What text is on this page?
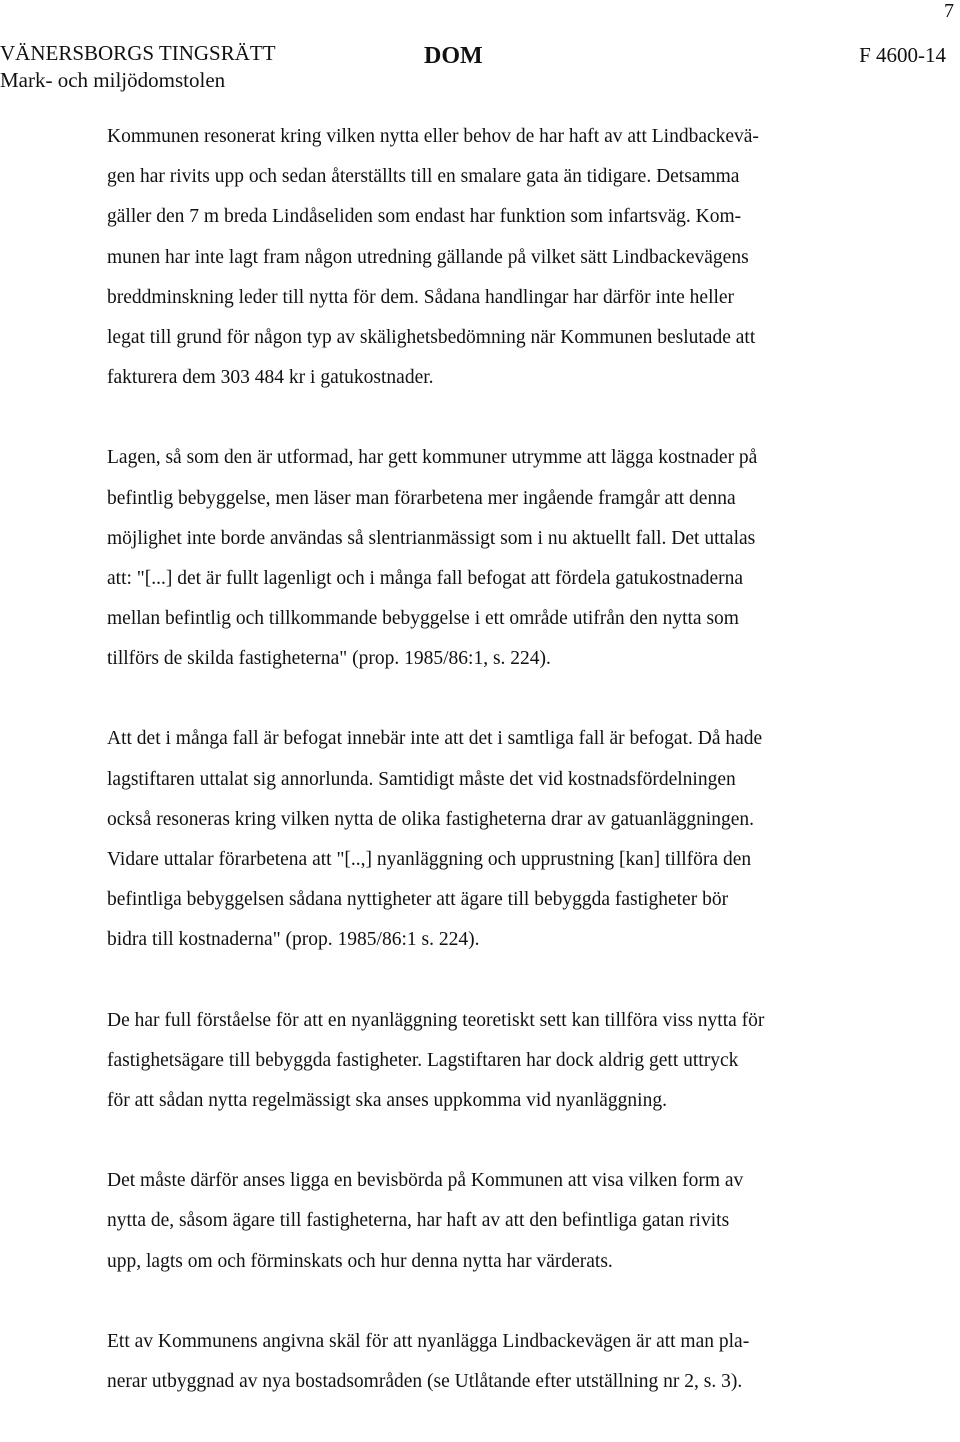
7
VÄNERSBORGS TINGSRÄTT
Mark- och miljödomstolen
DOM	F 4600-14
Kommunen resonerat kring vilken nytta eller behov de har haft av att Lindbackevä-
gen har rivits upp och sedan återställts till en smalare gata än tidigare. Detsamma
gäller den 7 m breda Lindåseliden som endast har funktion som infartsväg. Kom-
munen har inte lagt fram någon utredning gällande på vilket sätt Lindbackevägens
breddminskning leder till nytta för dem. Sådana handlingar har därför inte heller
legat till grund för någon typ av skälighetsbedömning när Kommunen beslutade att
fakturera dem 303 484 kr i gatukostnader.
Lagen, så som den är utformad, har gett kommuner utrymme att lägga kostnader på
befintlig bebyggelse, men läser man förarbetena mer ingående framgår att denna
möjlighet inte borde användas så slentrianmässigt som i nu aktuellt fall. Det uttalas
att: "[...] det är fullt lagenligt och i många fall befogat att fördela gatukostnaderna
mellan befintlig och tillkommande bebyggelse i ett område utifrån den nytta som
tillförs de skilda fastigheterna" (prop. 1985/86:1, s. 224).
Att det i många fall är befogat innebär inte att det i samtliga fall är befogat. Då hade
lagstiftaren uttalat sig annorlunda. Samtidigt måste det vid kostnadsfördelningen
också resoneras kring vilken nytta de olika fastigheterna drar av gatuanläggningen.
Vidare uttalar förarbetena att "[..,] nyanläggning och upprustning [kan] tillföra den
befintliga bebyggelsen sådana nyttigheter att ägare till bebyggda fastigheter bör
bidra till kostnaderna" (prop. 1985/86:1 s. 224).
De har full förståelse för att en nyanläggning teoretiskt sett kan tillföra viss nytta för
fastighetsägare till bebyggda fastigheter. Lagstiftaren har dock aldrig gett uttryck
för att sådan nytta regelmässigt ska anses uppkomma vid nyanläggning.
Det måste därför anses ligga en bevisbörda på Kommunen att visa vilken form av
nytta de, såsom ägare till fastigheterna, har haft av att den befintliga gatan rivits
upp, lagts om och förminskats och hur denna nytta har värderats.
Ett av Kommunens angivna skäl för att nyanlägga Lindbackevägen är att man pla-
nerar utbyggnad av nya bostadsområden (se Utlåtande efter utställning nr 2, s. 3).
